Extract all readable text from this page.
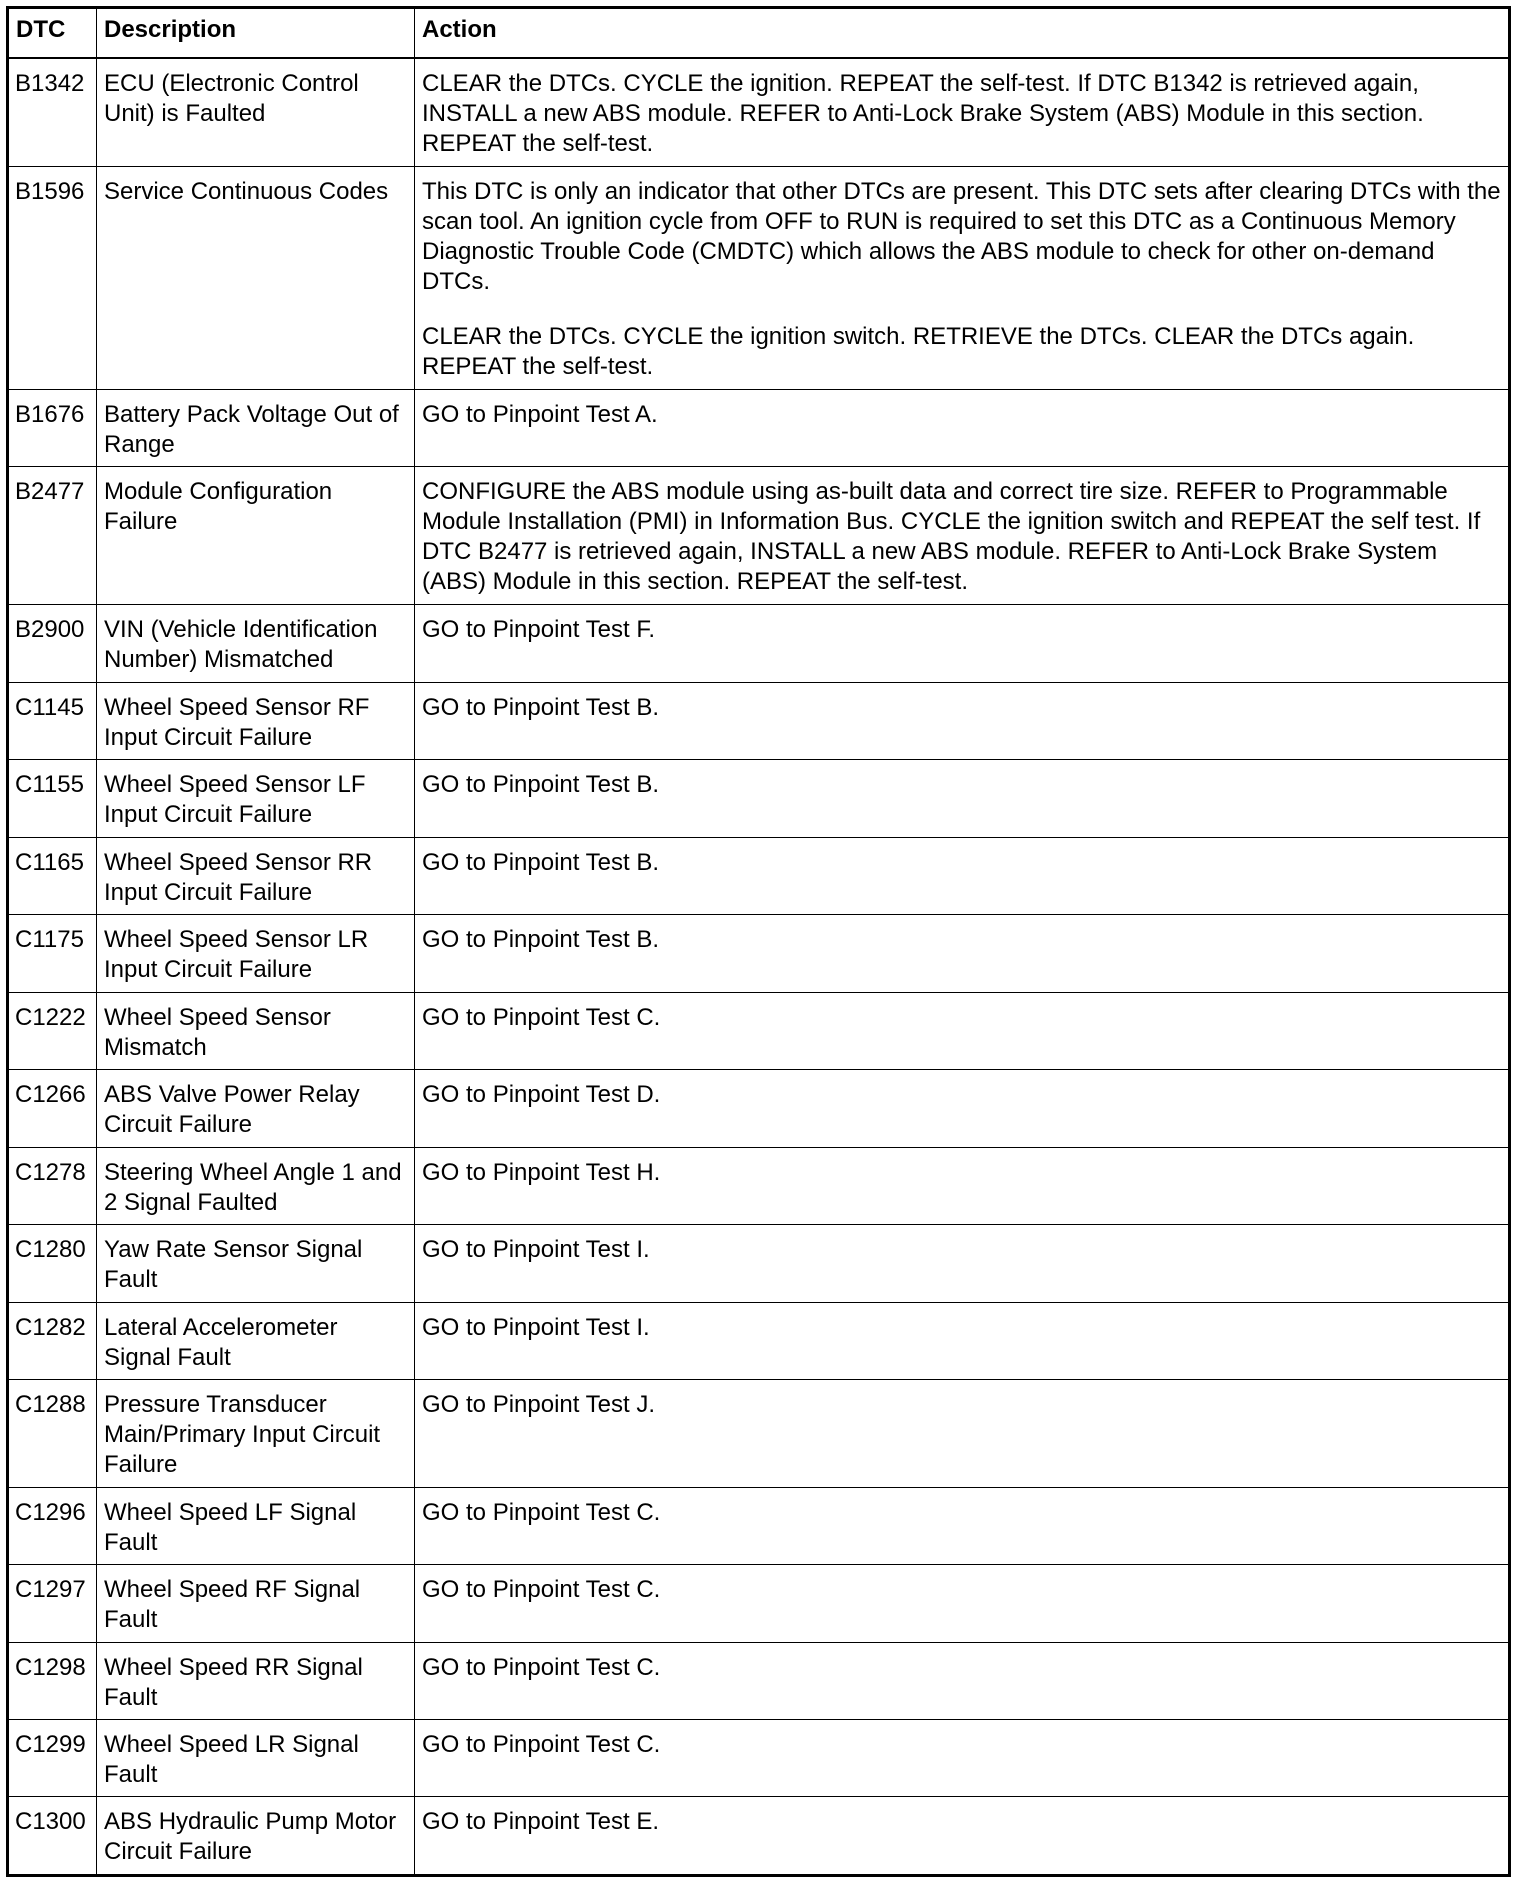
DTC	Description	Action
B1342	ECU (Electronic Control Unit) is Faulted	CLEAR the DTCs. CYCLE the ignition. REPEAT the self-test. If DTC B1342 is retrieved again, INSTALL a new ABS module. REFER to Anti-Lock Brake System (ABS) Module in this section. REPEAT the self-test.

B1596	Service Continuous Codes	This DTC is only an indicator that other DTCs are present. This DTC sets after clearing DTCs with the scan tool. An ignition cycle from OFF to RUN is required to set this DTC as a Continuous Memory Diagnostic Trouble Code (CMDTC) which allows the ABS module to check for other on-demand DTCs.

CLEAR the DTCs. CYCLE the ignition switch. RETRIEVE the DTCs. CLEAR the DTCs again. REPEAT the self-test.

B1676	Battery Pack Voltage Out of Range	GO to Pinpoint Test A.

B2477	Module Configuration Failure	CONFIGURE the ABS module using as-built data and correct tire size. REFER to Programmable Module Installation (PMI) in Information Bus. CYCLE the ignition switch and REPEAT the self test. If DTC B2477 is retrieved again, INSTALL a new ABS module. REFER to Anti-Lock Brake System (ABS) Module in this section. REPEAT the self-test.

B2900	VIN (Vehicle Identification Number) Mismatched	GO to Pinpoint Test F.

C1145	Wheel Speed Sensor RF Input Circuit Failure	GO to Pinpoint Test B.

C1155	Wheel Speed Sensor LF Input Circuit Failure	GO to Pinpoint Test B.

C1165	Wheel Speed Sensor RR Input Circuit Failure	GO to Pinpoint Test B.

C1175	Wheel Speed Sensor LR Input Circuit Failure	GO to Pinpoint Test B.

C1222	Wheel Speed Sensor Mismatch	GO to Pinpoint Test C.

C1266	ABS Valve Power Relay Circuit Failure	GO to Pinpoint Test D.

C1278	Steering Wheel Angle 1 and 2 Signal Faulted	GO to Pinpoint Test H.

C1280	Yaw Rate Sensor Signal Fault	GO to Pinpoint Test I.

C1282	Lateral Accelerometer Signal Fault	GO to Pinpoint Test I.

C1288	Pressure Transducer Main/Primary Input Circuit Failure	GO to Pinpoint Test J.

C1296	Wheel Speed LF Signal Fault	GO to Pinpoint Test C.

C1297	Wheel Speed RF Signal Fault	GO to Pinpoint Test C.

C1298	Wheel Speed RR Signal Fault	GO to Pinpoint Test C.

C1299	Wheel Speed LR Signal Fault	GO to Pinpoint Test C.

C1300	ABS Hydraulic Pump Motor Circuit Failure	GO to Pinpoint Test E.
